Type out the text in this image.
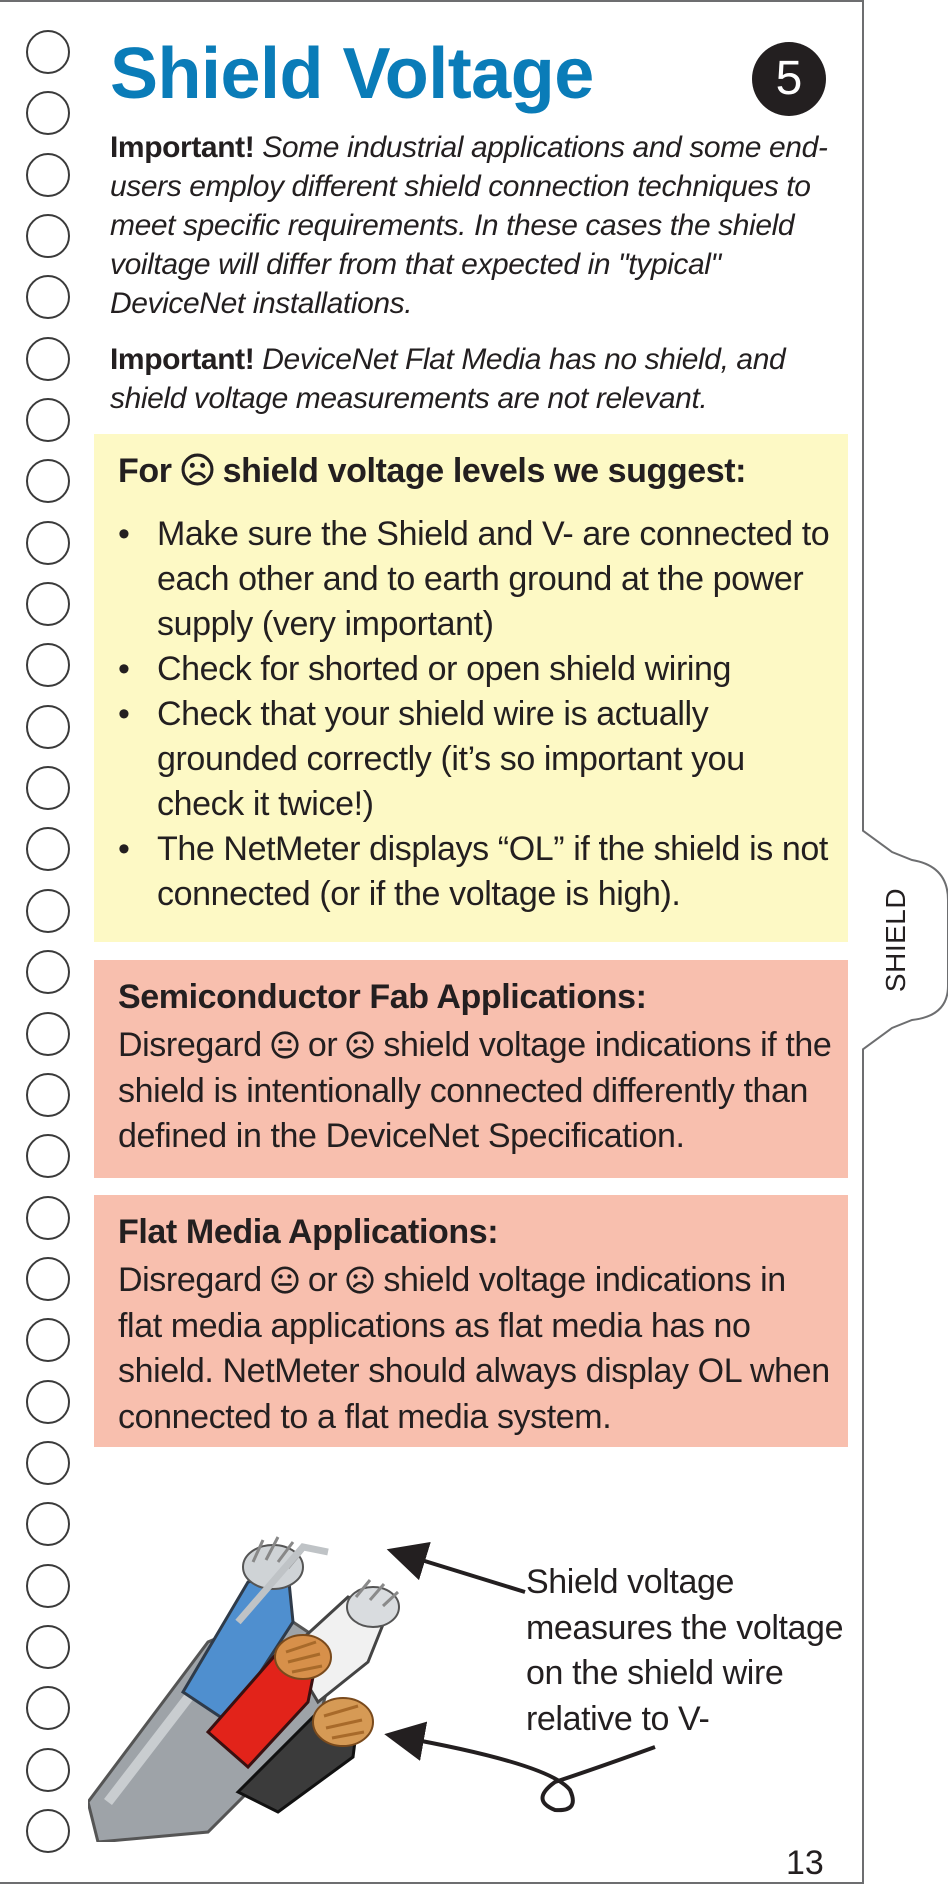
Shield Voltage	5

Important! Some industrial applications and some end-users employ different shield connection techniques to meet specific requirements. In these cases the shield voiltage will differ from that expected in "typical" DeviceNet installations.

Important! DeviceNet Flat Media has no shield, and shield voltage measurements are not relevant.

For shield voltage levels we suggest:
• Make sure the Shield and V- are connected to each other and to earth ground at the power supply (very important)
• Check for shorted or open shield wiring
• Check that your shield wire is actually grounded correctly (it’s so important you check it twice!)
• The NetMeter displays “OL” if the shield is not connected (or if the voltage is high).
Semiconductor Fab Applications:
Disregard or shield voltage indications if the shield is intentionally connected differently than defined in the DeviceNet Specification.
Flat Media Applications:
Disregard or shield voltage indications in flat media applications as flat media has no shield. NetMeter should always display OL when connected to a flat media system.
Shield voltage measures the voltage on the shield wire relative to V-
13
SHIELD
